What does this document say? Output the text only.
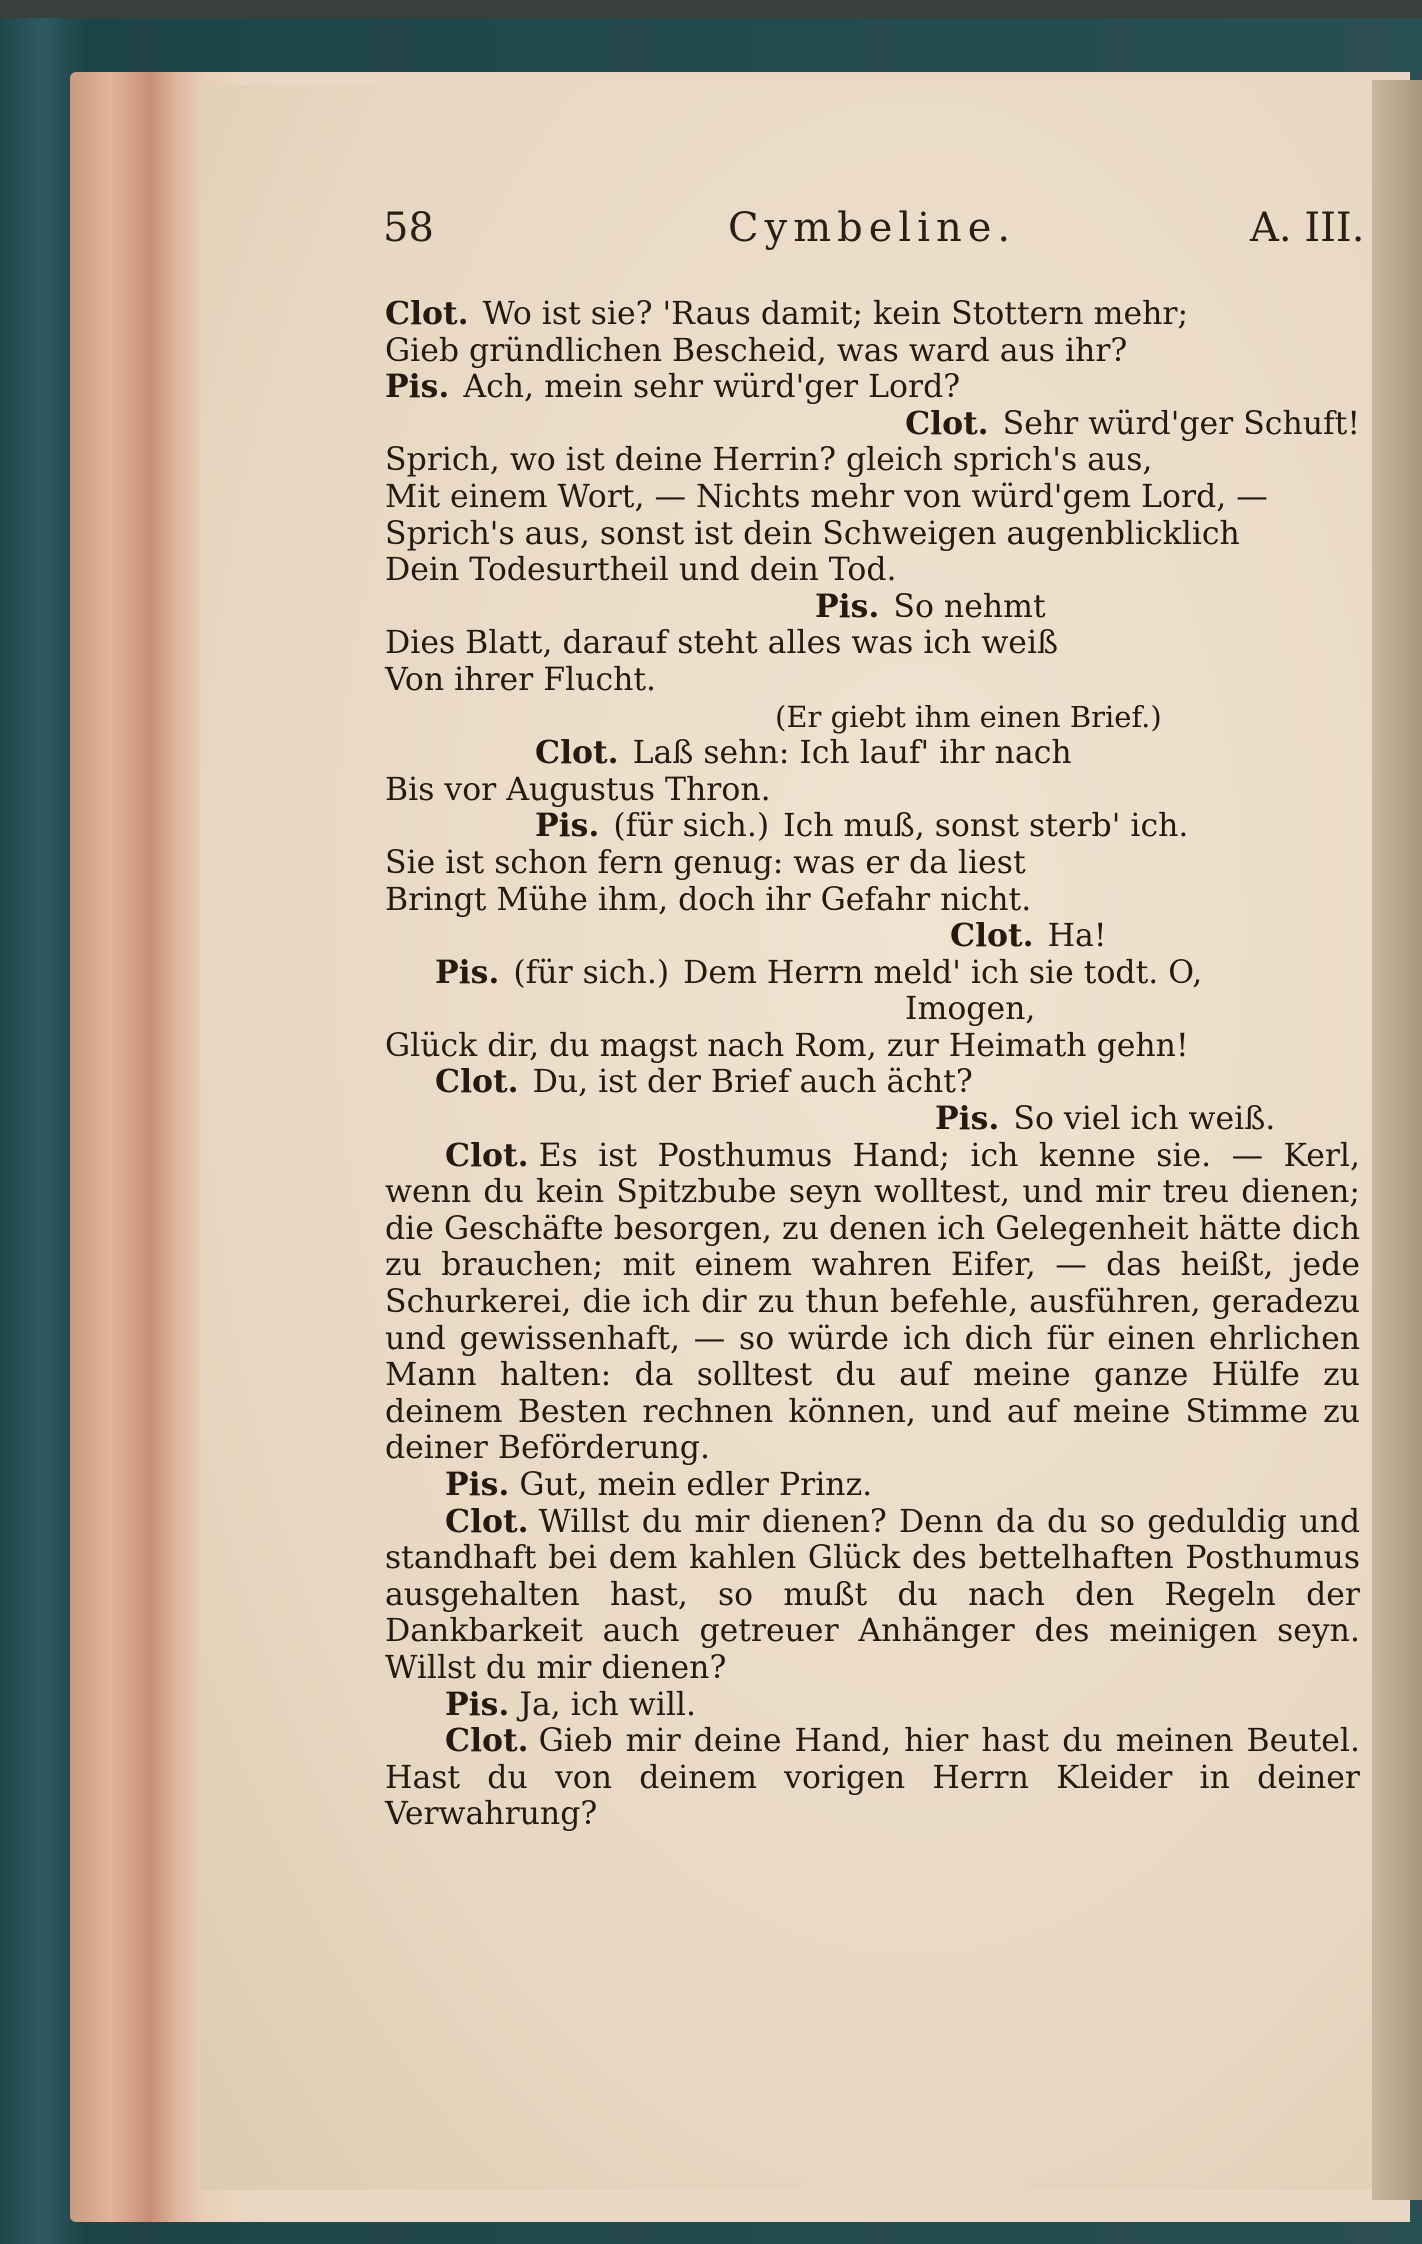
58	Cymbeline.	A. III.
Clot. Wo ist sie? 'Raus damit; kein Stottern mehr;
Gieb gründlichen Bescheid, was ward aus ihr?
Pis. Ach, mein sehr würd'ger Lord?
Clot. Sehr würd'ger Schuft!
Sprich, wo ist deine Herrin? gleich sprich's aus,
Mit einem Wort, — Nichts mehr von würd'gem Lord, —
Sprich's aus, sonst ist dein Schweigen augenblicklich
Dein Todesurtheil und dein Tod.
Pis. So nehmt
Dies Blatt, darauf steht alles was ich weiß
Von ihrer Flucht.
(Er giebt ihm einen Brief.)
Clot. Laß sehn: Ich lauf' ihr nach
Bis vor Augustus Thron.
Pis. (für sich.) Ich muß, sonst sterb' ich.
Sie ist schon fern genug: was er da liest
Bringt Mühe ihm, doch ihr Gefahr nicht.
Clot. Ha!
Pis. (für sich.) Dem Herrn meld' ich sie todt. O,
Imogen,
Glück dir, du magst nach Rom, zur Heimath gehn!
Clot. Du, ist der Brief auch ächt?
Pis. So viel ich weiß.
Clot. Es ist Posthumus Hand; ich kenne sie. — Kerl, wenn du kein Spitzbube seyn wolltest, und mir treu dienen; die Geschäfte besorgen, zu denen ich Gelegenheit hätte dich zu brauchen; mit einem wahren Eifer, — das heißt, jede Schurkerei, die ich dir zu thun befehle, ausführen, geradezu und gewissenhaft, — so würde ich dich für einen ehrlichen Mann halten: da solltest du auf meine ganze Hülfe zu deinem Besten rechnen können, und auf meine Stimme zu deiner Beförderung.
Pis. Gut, mein edler Prinz.
Clot. Willst du mir dienen? Denn da du so geduldig und standhaft bei dem kahlen Glück des bettelhaften Posthumus ausgehalten hast, so mußt du nach den Regeln der Dankbarkeit auch getreuer Anhänger des meinigen seyn. Willst du mir dienen?
Pis. Ja, ich will.
Clot. Gieb mir deine Hand, hier hast du meinen Beutel. Hast du von deinem vorigen Herrn Kleider in deiner Verwahrung?
